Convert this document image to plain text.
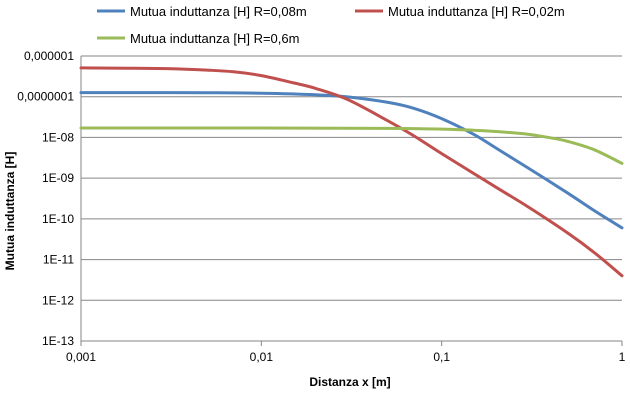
1E-13
1E-12
1E-11
1E-10
1E-09
1E-08
0,0000001
0,000001
0,001	0,01	0,1	1
Mutua induttanza [H] R=0,08m	Mutua induttanza [H] R=0,02m
Mutua induttanza [H] R=0,6m
Distanza x [m]
Mutua induttanza [H]
